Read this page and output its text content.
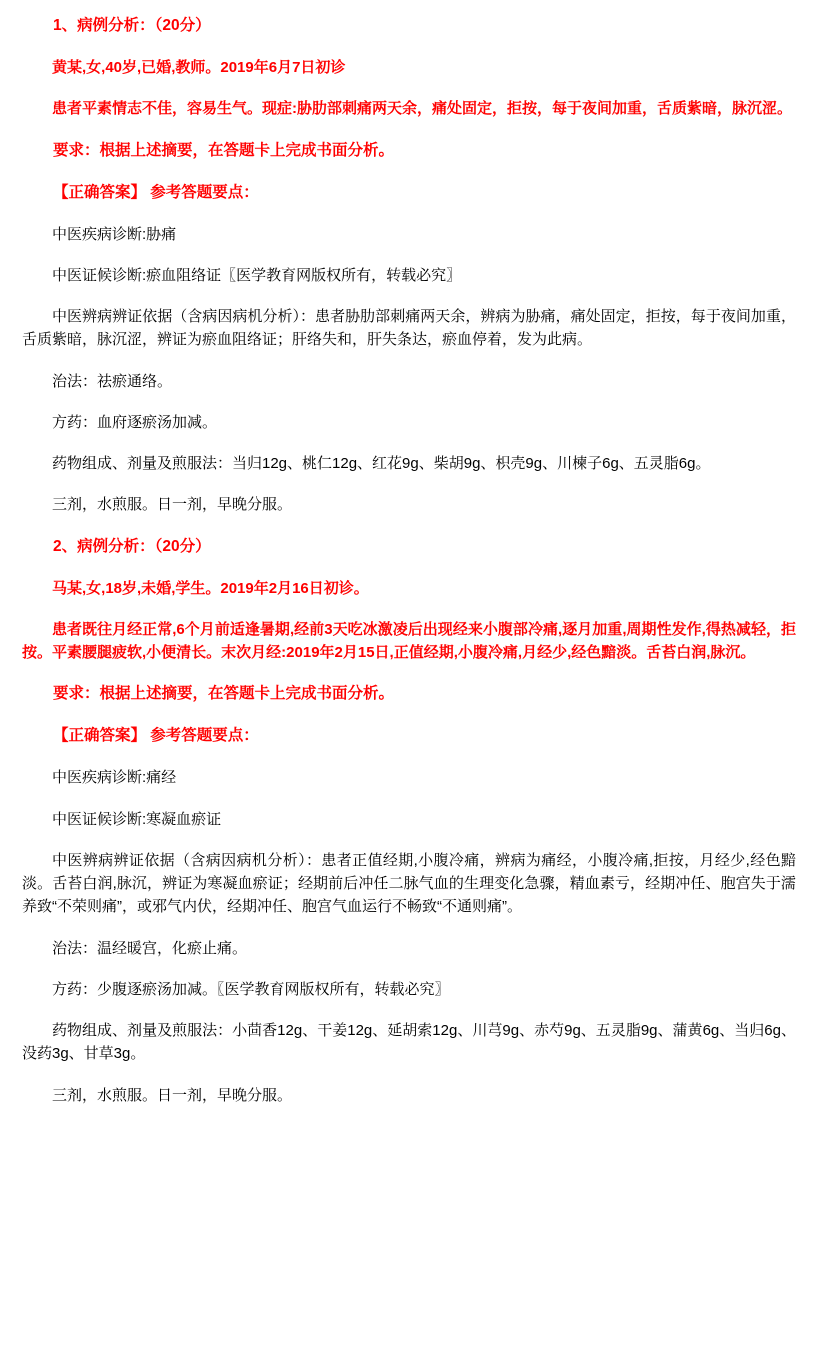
1、病例分析：（20分）

黄某,女,40岁,已婚,教师。2019年6月7日初诊

患者平素情志不佳，容易生气。现症:胁肋部刺痛两天余，痛处固定，拒按，每于夜间加重，舌质紫暗，脉沉涩。

要求：根据上述摘要，在答题卡上完成书面分析。

【正确答案】 参考答题要点：

中医疾病诊断:胁痛

中医证候诊断:瘀血阻络证〖医学教育网版权所有，转载必究〗

中医辨病辨证依据（含病因病机分析）：患者胁肋部刺痛两天余，辨病为胁痛，痛处固定，拒按，每于夜间加重，舌质紫暗，脉沉涩，辨证为瘀血阻络证；肝络失和，肝失条达，瘀血停着，发为此病。

治法：祛瘀通络。

方药：血府逐瘀汤加减。

药物组成、剂量及煎服法：当归12g、桃仁12g、红花9g、柴胡9g、枳壳9g、川楝子6g、五灵脂6g。

三剂，水煎服。日一剂，早晚分服。

2、病例分析：（20分）

马某,女,18岁,未婚,学生。2019年2月16日初诊。

患者既往月经正常,6个月前适逢暑期,经前3天吃冰激凌后出现经来小腹部冷痛,逐月加重,周期性发作,得热减轻，拒按。平素腰腿疲软,小便清长。末次月经:2019年2月15日,正值经期,小腹冷痛,月经少,经色黯淡。舌苔白润,脉沉。

要求：根据上述摘要，在答题卡上完成书面分析。

【正确答案】 参考答题要点：

中医疾病诊断:痛经

中医证候诊断:寒凝血瘀证

中医辨病辨证依据（含病因病机分析）：患者正值经期,小腹冷痛，辨病为痛经，小腹冷痛,拒按，月经少,经色黯淡。舌苔白润,脉沉，辨证为寒凝血瘀证；经期前后冲任二脉气血的生理变化急骤，精血素亏，经期冲任、胞宫失于濡养致“不荣则痛”，或邪气内伏，经期冲任、胞宫气血运行不畅致“不通则痛”。

治法：温经暖宫，化瘀止痛。

方药：少腹逐瘀汤加减。〖医学教育网版权所有，转载必究〗

药物组成、剂量及煎服法：小茴香12g、干姜12g、延胡索12g、川芎9g、赤芍9g、五灵脂9g、蒲黄6g、当归6g、没药3g、甘草3g。

三剂，水煎服。日一剂，早晚分服。
